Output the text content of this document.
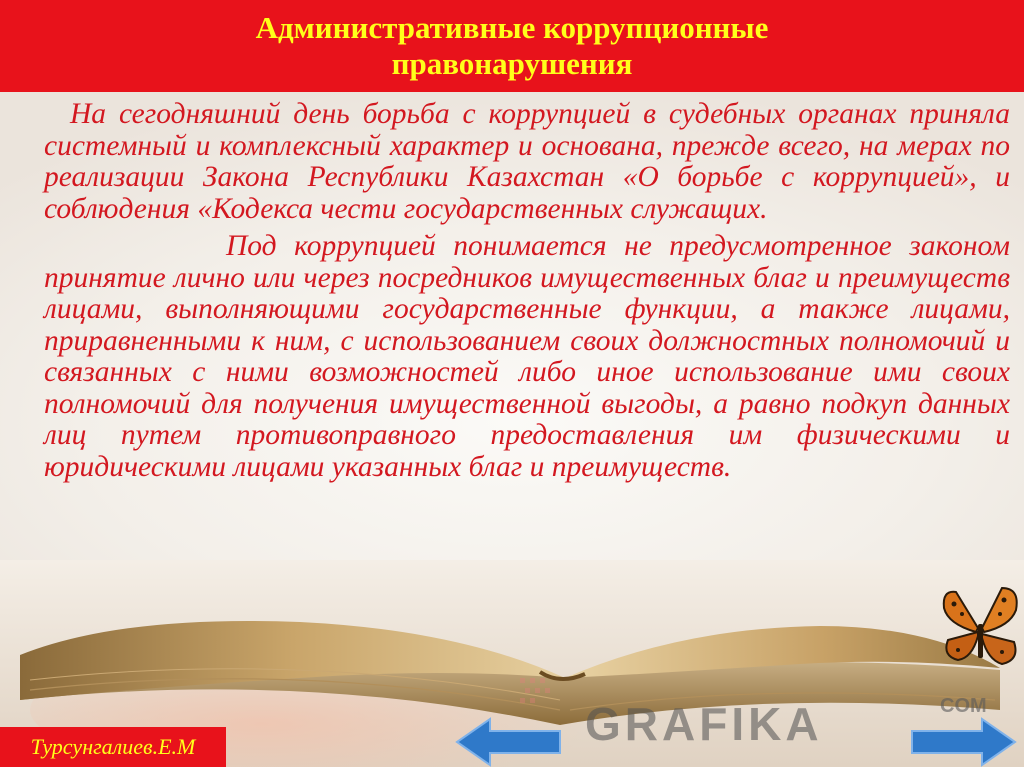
Административные коррупционные правонарушения

На сегодняшний день борьба с коррупцией в судебных органах приняла системный и комплексный характер и основана, прежде всего, на мерах по реализации Закона Республики Казахстан «О борьбе с коррупцией», и соблюдения «Кодекса чести государственных служащих.

Под коррупцией понимается не предусмотренное законом принятие лично или через посредников имущественных благ и преимуществ лицами, выполняющими государственные функции, а также лицами, приравненными к ним, с использованием своих должностных полномочий и связанных с ними возможностей либо иное использование ими своих полномочий для получения имущественной выгоды, а равно подкуп данных лиц путем противоправного предоставления им физическими и юридическими лицами указанных благ и преимуществ.

GRAFIKA	COM
Турсунгалиев.Е.М
